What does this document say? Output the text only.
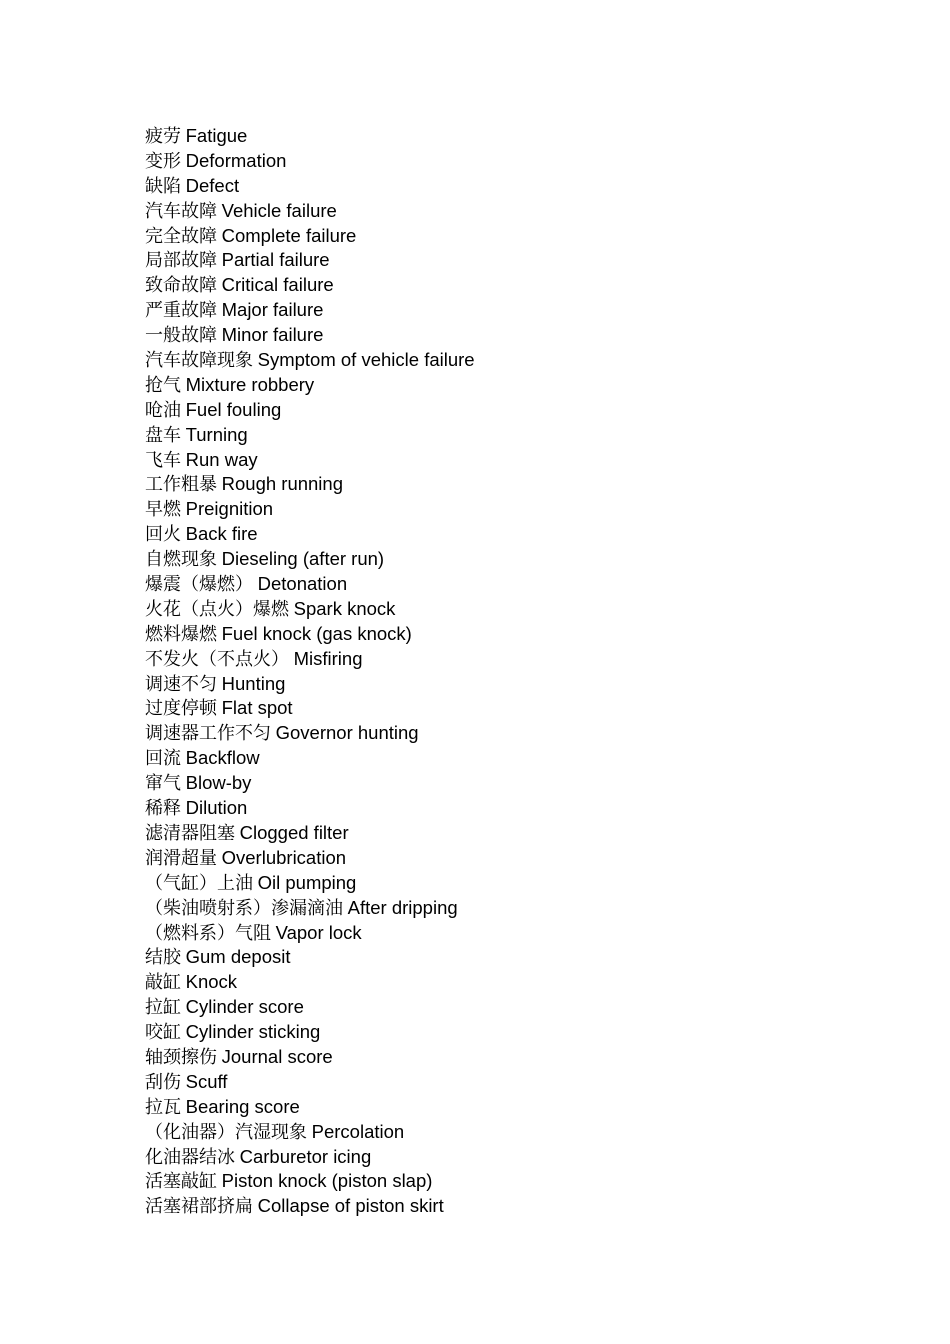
疲劳 Fatigue
变形 Deformation
缺陷 Defect
汽车故障 Vehicle failure
完全故障 Complete failure
局部故障 Partial failure
致命故障 Critical failure
严重故障 Major failure
一般故障 Minor failure
汽车故障现象 Symptom of vehicle failure
抢气 Mixture robbery
呛油 Fuel fouling
盘车 Turning
飞车 Run way
工作粗暴 Rough running
早燃 Preignition
回火 Back fire
自燃现象 Dieseling (after run)
爆震（爆燃） Detonation
火花（点火）爆燃 Spark knock
燃料爆燃 Fuel knock (gas knock)
不发火（不点火） Misfiring
调速不匀 Hunting
过度停顿 Flat spot
调速器工作不匀 Governor hunting
回流 Backflow
窜气 Blow-by
稀释 Dilution
滤清器阻塞 Clogged filter
润滑超量 Overlubrication
（气缸）上油 Oil pumping
（柴油喷射系）渗漏滴油 After dripping
（燃料系）气阻 Vapor lock
结胶 Gum deposit
敲缸 Knock
拉缸 Cylinder score
咬缸 Cylinder sticking
轴颈擦伤 Journal score
刮伤 Scuff
拉瓦 Bearing score
（化油器）汽湿现象 Percolation
化油器结冰 Carburetor icing
活塞敲缸 Piston knock (piston slap)
活塞裙部挤扁 Collapse of piston skirt
